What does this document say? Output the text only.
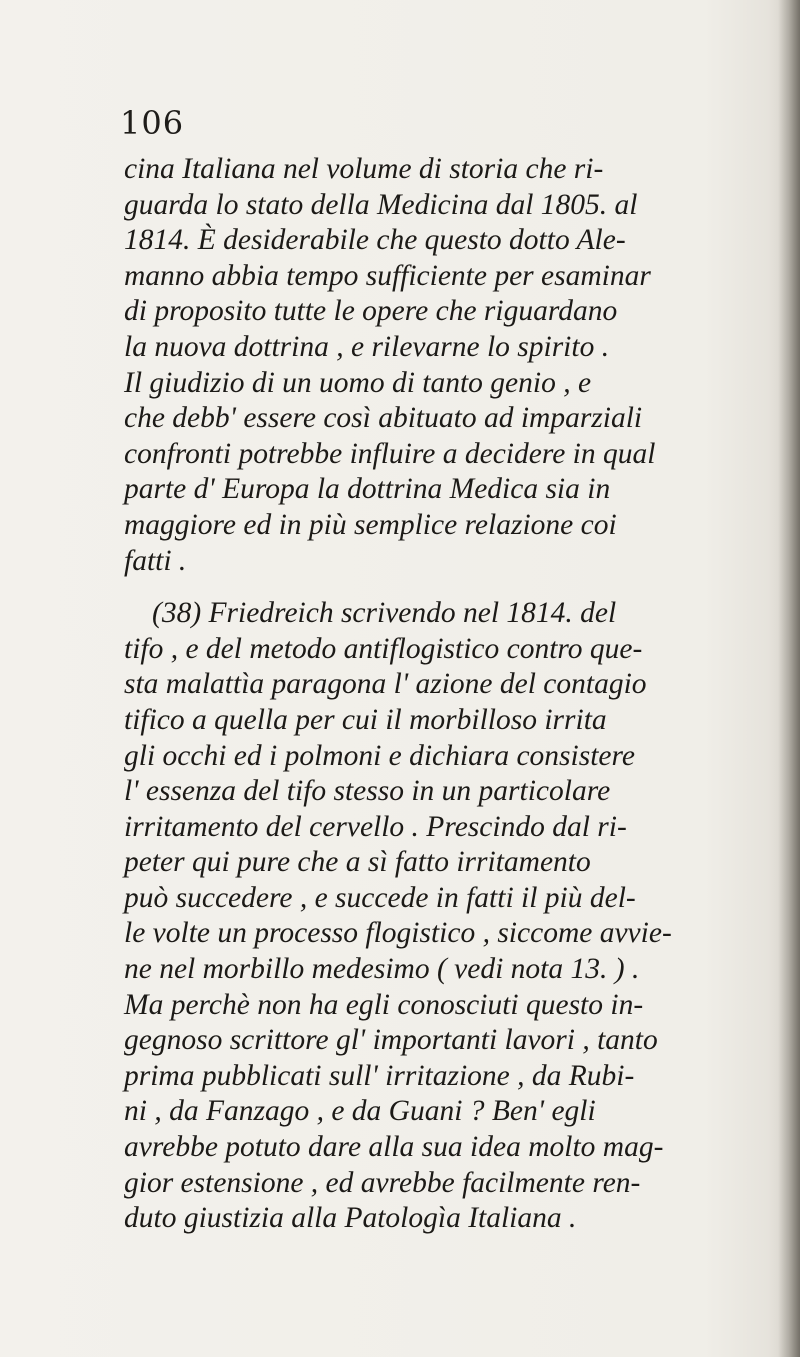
106

cina Italiana nel volume di storia che ri-
guarda lo stato della Medicina dal 1805. al
1814. È desiderabile che questo dotto Ale-
manno abbia tempo sufficiente per esaminar
di proposito tutte le opere che riguardano
la nuova dottrina , e rilevarne lo spirito .
Il giudizio di un uomo di tanto genio , e
che debb' essere così abituato ad imparziali
confronti potrebbe influire a decidere in qual
parte d' Europa la dottrina Medica sia in
maggiore ed in più semplice relazione coi
fatti .

(38) Friedreich scrivendo nel 1814. del
tifo , e del metodo antiflogistico contro que-
sta malattìa paragona l' azione del contagio
tifico a quella per cui il morbilloso irrita
gli occhi ed i polmoni e dichiara consistere
l' essenza del tifo stesso in un particolare
irritamento del cervello . Prescindo dal ri-
peter qui pure che a sì fatto irritamento
può succedere , e succede in fatti il più del-
le volte un processo flogistico , siccome avvie-
ne nel morbillo medesimo ( vedi nota 13. ) .
Ma perchè non ha egli conosciuti questo in-
gegnoso scrittore gl' importanti lavori , tanto
prima pubblicati sull' irritazione , da Rubi-
ni , da Fanzago , e da Guani ? Ben' egli
avrebbe potuto dare alla sua idea molto mag-
gior estensione , ed avrebbe facilmente ren-
duto giustizia alla Patologìa Italiana .
